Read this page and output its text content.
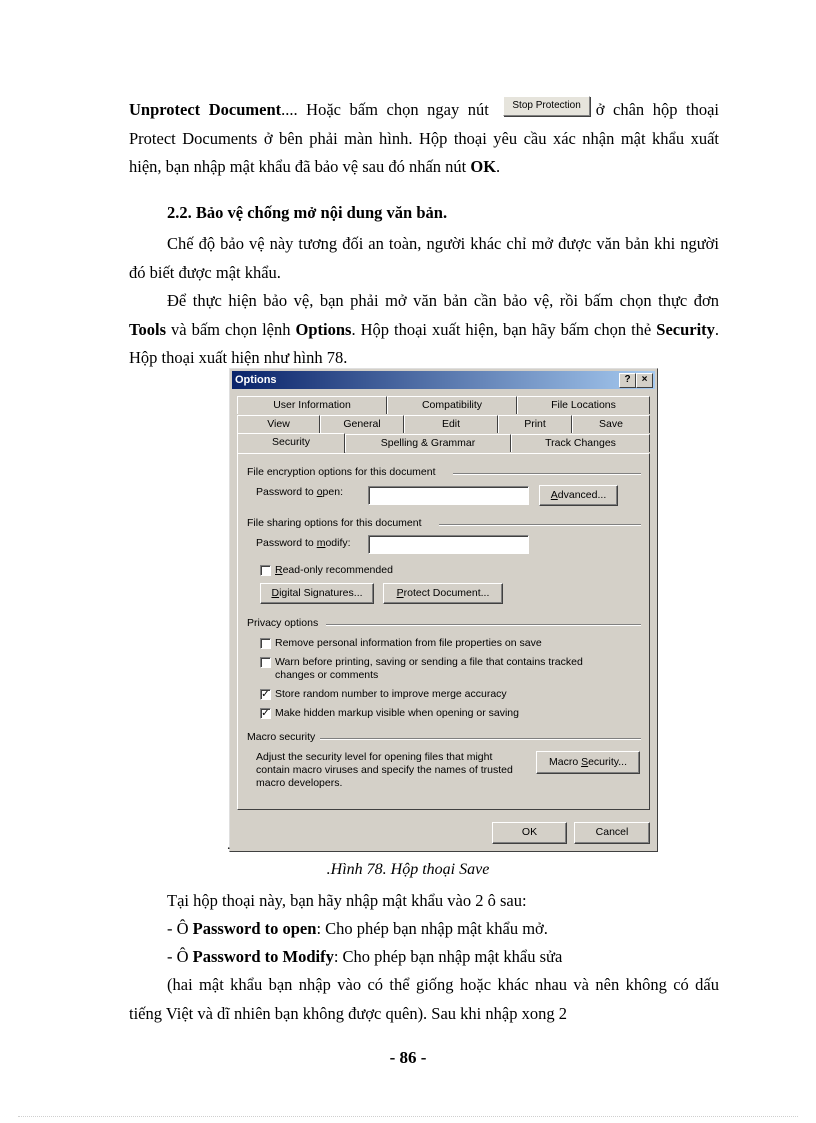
Unprotect Document.... Hoặc bấm chọn ngay nút Stop Protection ở chân hộp thoại Protect Documents ở bên phải màn hình. Hộp thoại yêu cầu xác nhận mật khẩu xuất hiện, bạn nhập mật khẩu đã bảo vệ sau đó nhấn nút OK.

2.2. Bảo vệ chống mở nội dung văn bản.

Chế độ bảo vệ này tương đối an toàn, người khác chỉ mở được văn bản khi người đó biết được mật khẩu.

Để thực hiện bảo vệ, bạn phải mở văn bản cần bảo vệ, rồi bấm chọn thực đơn Tools và bấm chọn lệnh Options. Hộp thoại xuất hiện, bạn hãy bấm chọn thẻ Security. Hộp thoại xuất hiện như hình 78.

Options	?	×
User Information	Compatibility	File Locations
View	General	Edit	Print	Save
Security	Spelling & Grammar	Track Changes
File encryption options for this document
Password to open:	Advanced...
File sharing options for this document
Password to modify:
Read-only recommended
Digital Signatures...	Protect Document...
Privacy options
Remove personal information from file properties on save
Warn before printing, saving or sending a file that contains tracked changes or comments
✓ Store random number to improve merge accuracy
✓ Make hidden markup visible when opening or saving
Macro security
Adjust the security level for opening files that might contain macro viruses and specify the names of trusted macro developers.
Macro Security...
OK	Cancel
.
.Hình 78. Hộp thoại Save

Tại hộp thoại này, bạn hãy nhập mật khẩu vào 2 ô sau:

- Ô Password to open: Cho phép bạn nhập mật khẩu mở.

- Ô Password to Modify: Cho phép bạn nhập mật khẩu sửa

(hai mật khẩu bạn nhập vào có thể giống hoặc khác nhau và nên không có dấu tiếng Việt và dĩ nhiên bạn không được quên). Sau khi nhập xong 2

- 86 -
